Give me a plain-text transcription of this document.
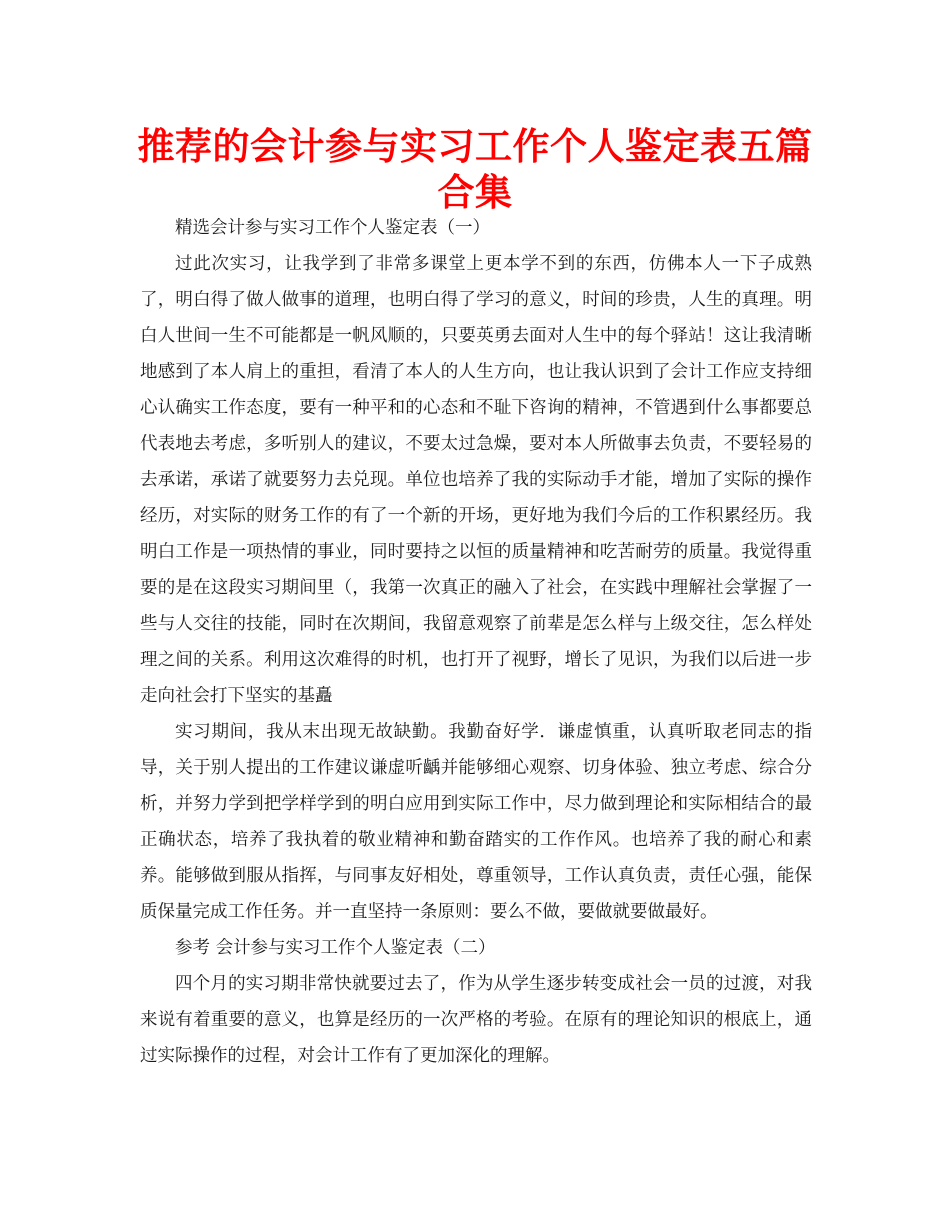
推荐的会计参与实习工作个人鉴定表五篇合集

精选会计参与实习工作个人鉴定表（一）

过此次实习，让我学到了非常多课堂上更本学不到的东西，仿佛本人一下子成熟了，明白得了做人做事的道理，也明白得了学习的意义，时间的珍贵，人生的真理。明白人世间一生不可能都是一帆风顺的，只要英勇去面对人生中的每个驿站！这让我清晰地感到了本人肩上的重担，看清了本人的人生方向，也让我认识到了会计工作应支持细心认确实工作态度，要有一种平和的心态和不耻下咨询的精神，不管遇到什么事都要总代表地去考虑，多听别人的建议，不要太过急燥，要对本人所做事去负责，不要轻易的去承诺，承诺了就要努力去兑现。单位也培养了我的实际动手才能，增加了实际的操作经历，对实际的财务工作的有了一个新的开场，更好地为我们今后的工作积累经历。我明白工作是一项热情的事业，同时要持之以恒的质量精神和吃苦耐劳的质量。我觉得重要的是在这段实习期间里（，我第一次真正的融入了社会，在实践中理解社会掌握了一些与人交往的技能，同时在次期间，我留意观察了前辈是怎么样与上级交往，怎么样处理之间的关系。利用这次难得的时机，也打开了视野，增长了见识，为我们以后进一步走向社会打下坚实的基矗

实习期间，我从末出现无故缺勤。我勤奋好学．谦虚慎重，认真听取老同志的指导，关于别人提出的工作建议谦虚听齲并能够细心观察、切身体验、独立考虑、综合分析，并努力学到把学样学到的明白应用到实际工作中，尽力做到理论和实际相结合的最正确状态，培养了我执着的敬业精神和勤奋踏实的工作作风。也培养了我的耐心和素养。能够做到服从指挥，与同事友好相处，尊重领导，工作认真负责，责任心强，能保质保量完成工作任务。并一直坚持一条原则：要么不做，要做就要做最好。

参考 会计参与实习工作个人鉴定表（二）

四个月的实习期非常快就要过去了，作为从学生逐步转变成社会一员的过渡，对我来说有着重要的意义，也算是经历的一次严格的考验。在原有的理论知识的根底上，通过实际操作的过程，对会计工作有了更加深化的理解。
